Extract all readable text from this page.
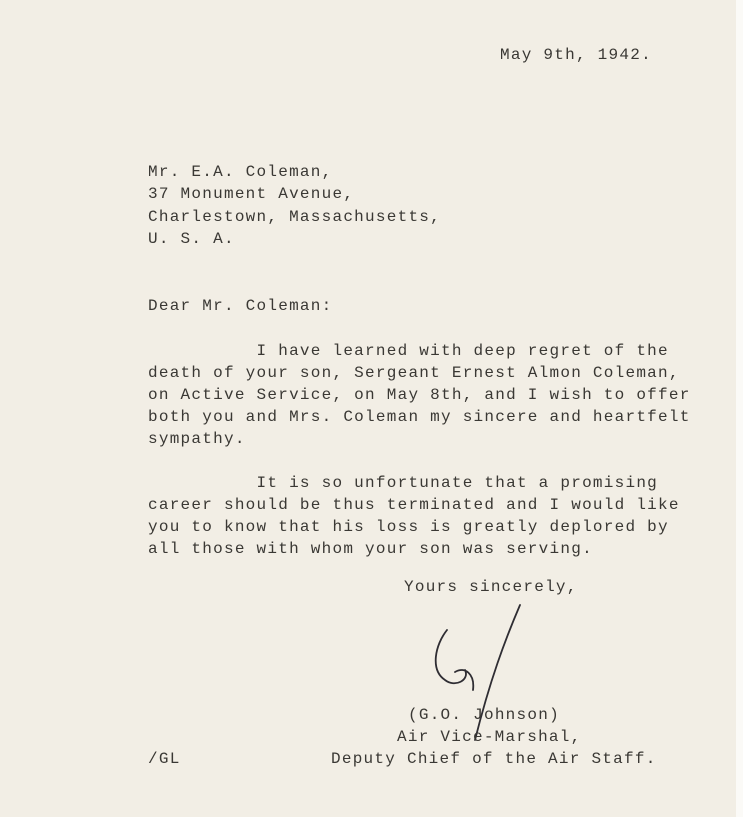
May 9th, 1942.
Mr. E.A. Coleman,
37 Monument Avenue,
Charlestown, Massachusetts,
U. S. A.
Dear Mr. Coleman:
I have learned with deep regret of the
death of your son, Sergeant Ernest Almon Coleman,
on Active Service, on May 8th, and I wish to offer
both you and Mrs. Coleman my sincere and heartfelt
sympathy.
It is so unfortunate that a promising
career should be thus terminated and I would like
you to know that his loss is greatly deplored by
all those with whom your son was serving.
Yours sincerely,
(G.O. Johnson)
Air Vice-Marshal,
Deputy Chief of the Air Staff.
/GL
